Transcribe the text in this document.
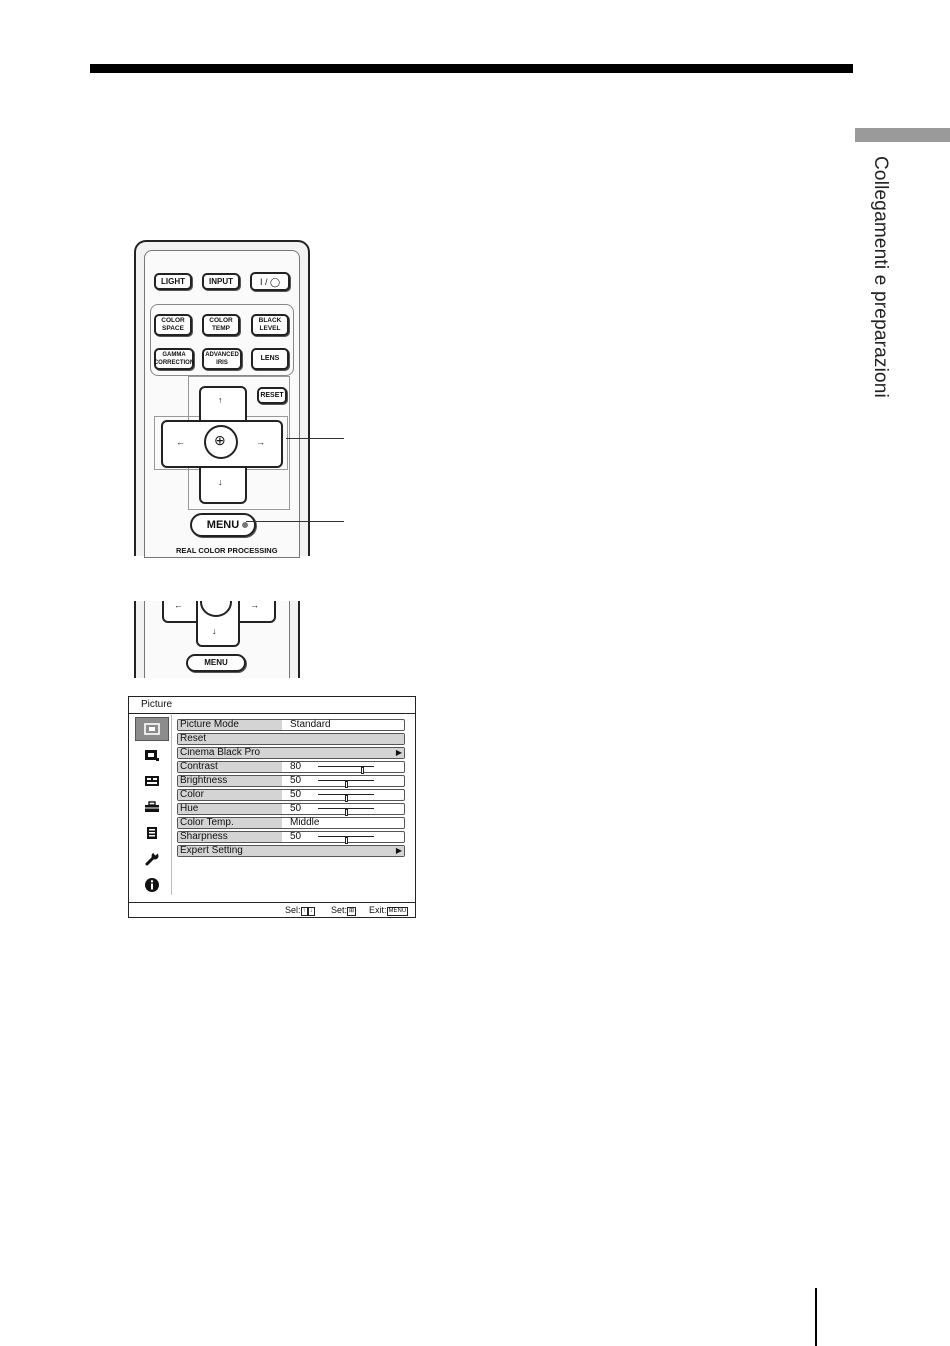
Collegamenti e preparazioni
LIGHT	INPUT	I / ◯
COLOR
SPACE
COLOR
TEMP
BLACK
LEVEL
GAMMA
CORRECTION
ADVANCED
IRIS
LENS
RESET
⊕
↑
↓
←	→
MENU
REAL COLOR PROCESSING
←	→
↓
MENU
Picture
Picture Mode	Standard
Reset
Cinema Black Pro	▶
Contrast	80
Brightness	50
Color	50
Hue	50
Color Temp.	Middle
Sharpness	50
Expert Setting	▶
Sel: ↑ ↓ Set: ⊞ Exit: MENU
